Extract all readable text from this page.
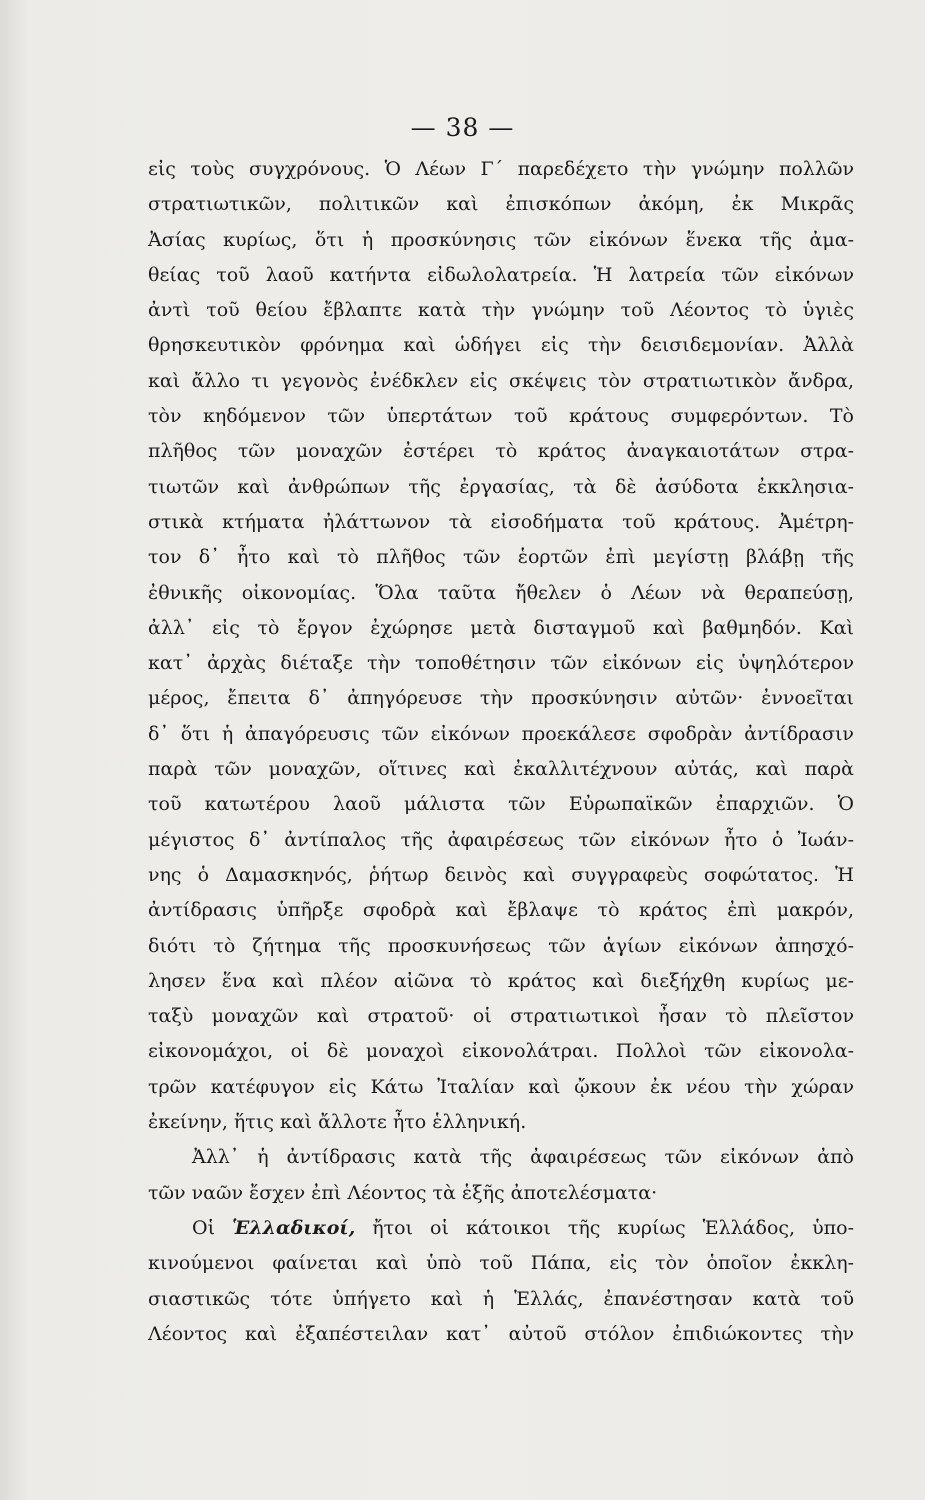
— 38 —
εἰς τοὺς συγχρόνους. Ὁ Λέων Γ´ παρεδέχετο τὴν γνώμην πολλῶν
στρατιωτικῶν, πολιτικῶν καὶ ἐπισκόπων ἀκόμη, ἐκ Μικρᾶς
Ἀσίας κυρίως, ὅτι ἡ προσκύνησις τῶν εἰκόνων ἕνεκα τῆς ἀμα-
θείας τοῦ λαοῦ κατήντα εἰδωλολατρεία. Ἡ λατρεία τῶν εἰκόνων
ἀντὶ τοῦ θείου ἔβλαπτε κατὰ τὴν γνώμην τοῦ Λέοντος τὸ ὑγιὲς
θρησκευτικὸν φρόνημα καὶ ὡδήγει εἰς τὴν δεισιδεμονίαν. Ἀλλὰ
καὶ ἄλλο τι γεγονὸς ἐνέδκλεν εἰς σκέψεις τὸν στρατιωτικὸν ἄνδρα,
τὸν κηδόμενον τῶν ὑπερτάτων τοῦ κράτους συμφερόντων. Τὸ
πλῆθος τῶν μοναχῶν ἐστέρει τὸ κράτος ἀναγκαιοτάτων στρα-
τιωτῶν καὶ ἀνθρώπων τῆς ἐργασίας, τὰ δὲ ἀσύδοτα ἐκκλησια-
στικὰ κτήματα ἠλάττωνον τὰ εἰσοδήματα τοῦ κράτους. Ἀμέτρη-
τον δ᾿ ἦτο καὶ τὸ πλῆθος τῶν ἑορτῶν ἐπὶ μεγίστῃ βλάβῃ τῆς
ἐθνικῆς οἰκονομίας. Ὅλα ταῦτα ἤθελεν ὁ Λέων νὰ θεραπεύσῃ,
ἀλλ᾿ εἰς τὸ ἔργον ἐχώρησε μετὰ δισταγμοῦ καὶ βαθμηδόν. Καὶ
κατ᾿ ἀρχὰς διέταξε τὴν τοποθέτησιν τῶν εἰκόνων εἰς ὑψηλότερον
μέρος, ἔπειτα δ᾿ ἀπηγόρευσε τὴν προσκύνησιν αὐτῶν· ἐννοεῖται
δ᾿ ὅτι ἡ ἀπαγόρευσις τῶν εἰκόνων προεκάλεσε σφοδρὰν ἀντίδρασιν
παρὰ τῶν μοναχῶν, οἵτινες καὶ ἐκαλλιτέχνουν αὐτάς, καὶ παρὰ
τοῦ κατωτέρου λαοῦ μάλιστα τῶν Εὐρωπαϊκῶν ἐπαρχιῶν. Ὁ
μέγιστος δ᾿ ἀντίπαλος τῆς ἀφαιρέσεως τῶν εἰκόνων ἦτο ὁ Ἰωάν-
νης ὁ Δαμασκηνός, ῥήτωρ δεινὸς καὶ συγγραφεὺς σοφώτατος. Ἡ
ἀντίδρασις ὑπῆρξε σφοδρὰ καὶ ἔβλαψε τὸ κράτος ἐπὶ μακρόν,
διότι τὸ ζήτημα τῆς προσκυνήσεως τῶν ἁγίων εἰκόνων ἀπησχό-
λησεν ἕνα καὶ πλέον αἰῶνα τὸ κράτος καὶ διεξήχθη κυρίως με-
ταξὺ μοναχῶν καὶ στρατοῦ· οἱ στρατιωτικοὶ ἦσαν τὸ πλεῖστον
εἰκονομάχοι, οἱ δὲ μοναχοὶ εἰκονολάτραι. Πολλοὶ τῶν εἰκονολα-
τρῶν κατέφυγον εἰς Κάτω Ἰταλίαν καὶ ᾤκουν ἐκ νέου τὴν χώραν
ἐκείνην, ἥτις καὶ ἄλλοτε ἦτο ἑλληνική.
Ἀλλ᾿ ἡ ἀντίδρασις κατὰ τῆς ἀφαιρέσεως τῶν εἰκόνων ἀπὸ
τῶν ναῶν ἔσχεν ἐπὶ Λέοντος τὰ ἑξῆς ἀποτελέσματα·
Οἱ Ἑλλαδικοί, ἤτοι οἱ κάτοικοι τῆς κυρίως Ἑλλάδος, ὑπο-
κινούμενοι φαίνεται καὶ ὑπὸ τοῦ Πάπα, εἰς τὸν ὁποῖον ἐκκλη-
σιαστικῶς τότε ὑπήγετο καὶ ἡ Ἑλλάς, ἐπανέστησαν κατὰ τοῦ
Λέοντος καὶ ἐξαπέστειλαν κατ᾿ αὐτοῦ στόλον ἐπιδιώκοντες τὴν
